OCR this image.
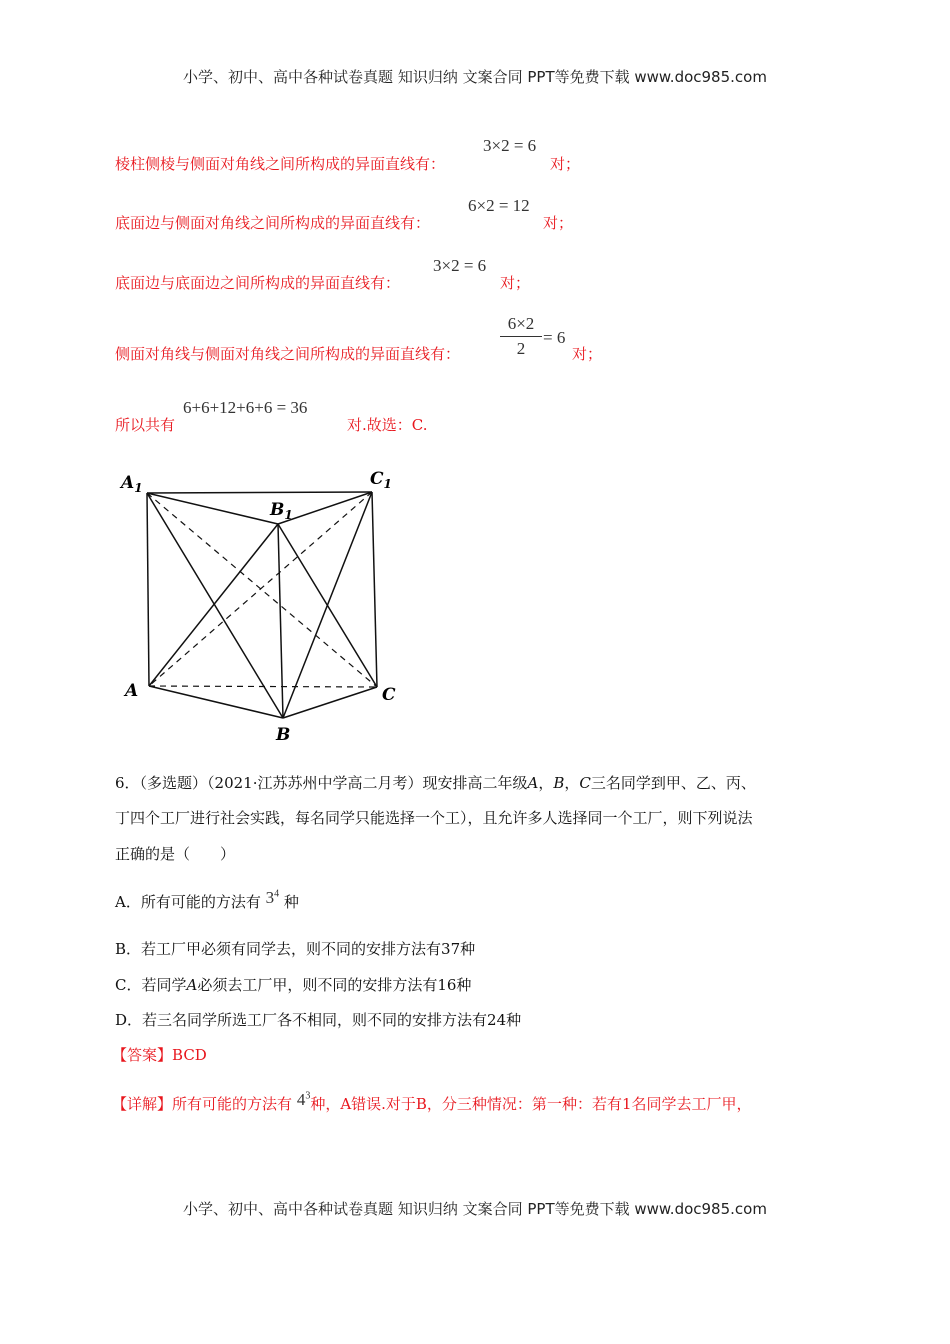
小学、初中、高中各种试卷真题 知识归纳 文案合同 PPT等免费下载 www.doc985.com
棱柱侧棱与侧面对角线之间所构成的异面直线有：
3×2 = 6
对；
底面边与侧面对角线之间所构成的异面直线有：
6×2 = 12
对；
底面边与底面边之间所构成的异面直线有：
3×2 = 6
对；
侧面对角线与侧面对角线之间所构成的异面直线有：
6×2
2
= 6
对；
所以共有
6+6+12+6+6 = 36
对.故选：C.
$A_1$	$C_1$
$B_1$
A	C
B
6．（多选题）（2021·江苏苏州中学高二月考）现安排高二年级A，B，C三名同学到甲、乙、丙、
丁四个工厂进行社会实践，每名同学只能选择一个工），且允许多人选择同一个工厂，则下列说法
正确的是（　　）
A．所有可能的方法有 $3^4$ 种
B．若工厂甲必须有同学去，则不同的安排方法有37种
C．若同学A必须去工厂甲，则不同的安排方法有16种
D．若三名同学所选工厂各不相同，则不同的安排方法有24种
【答案】BCD
【详解】所有可能的方法有 $4^3$种，A错误.对于B，分三种情况：第一种：若有1名同学去工厂甲，
小学、初中、高中各种试卷真题 知识归纳 文案合同 PPT等免费下载 www.doc985.com
